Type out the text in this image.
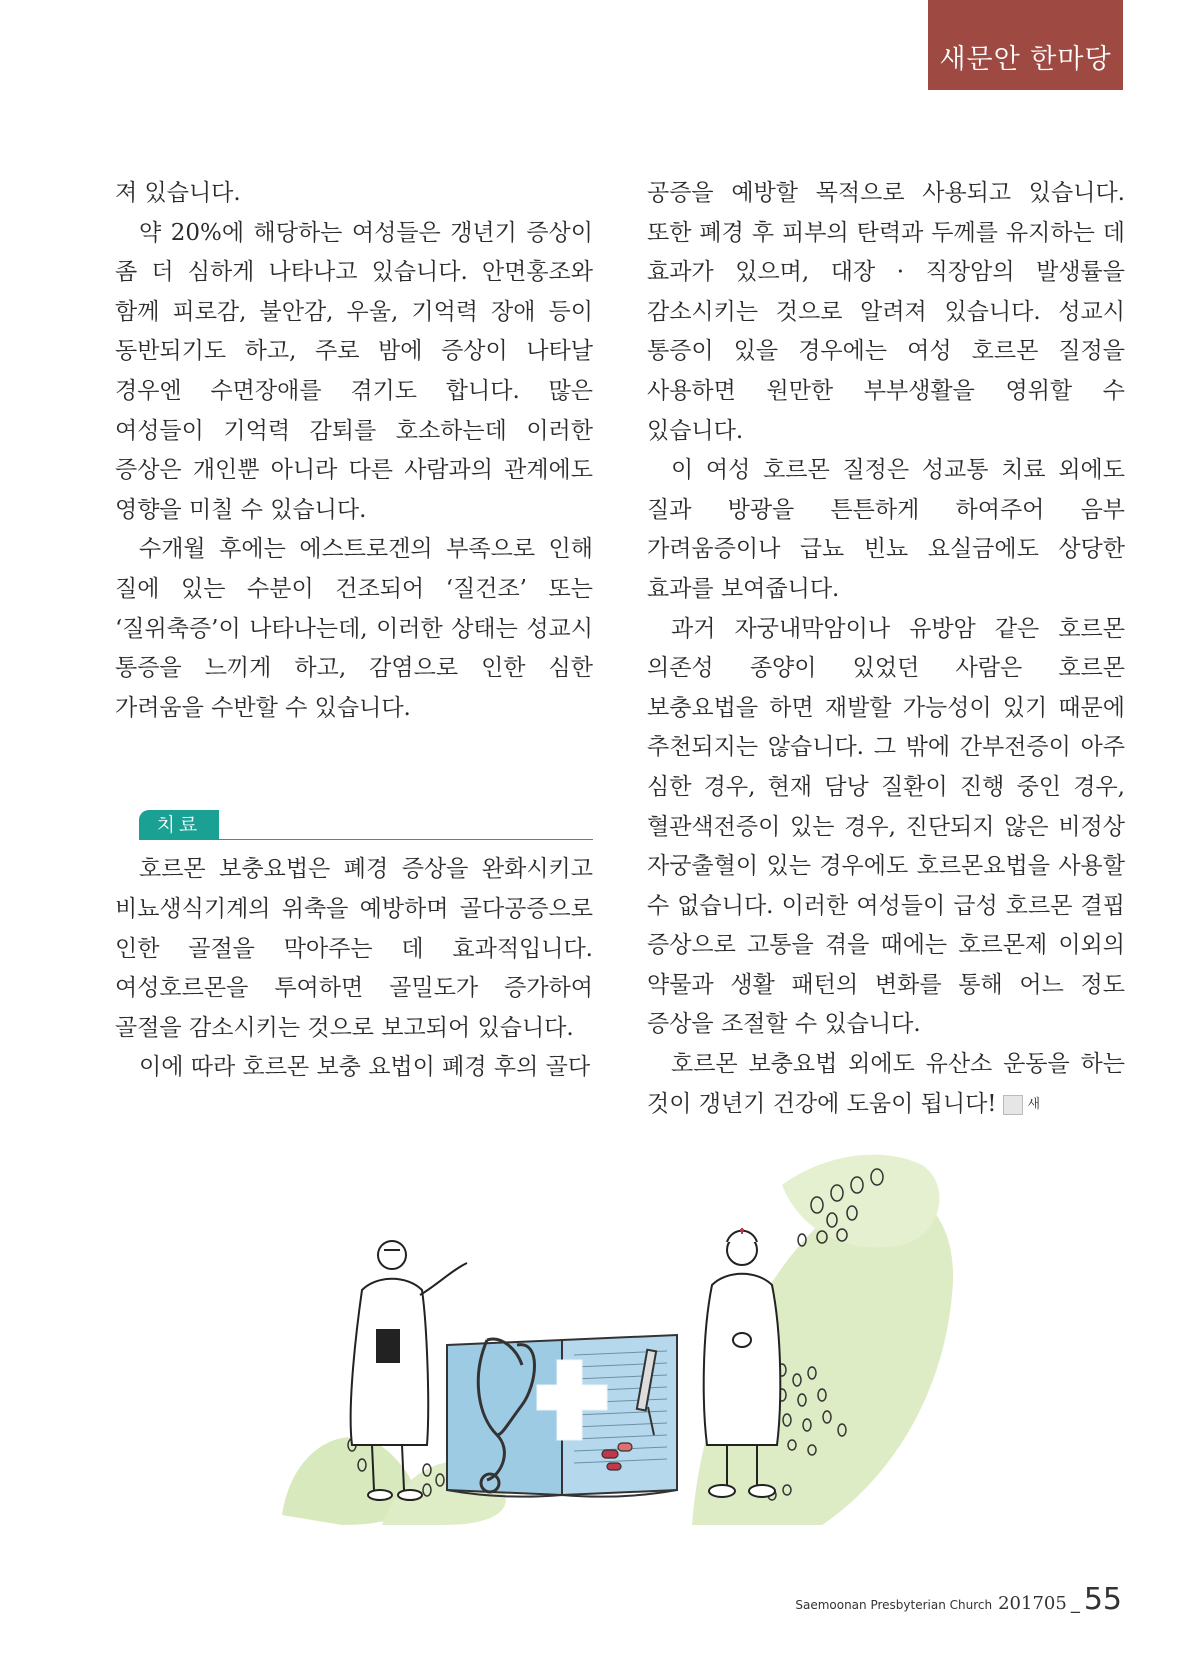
새문안 한마당

져 있습니다.

약 20%에 해당하는 여성들은 갱년기 증상이 좀 더 심하게 나타나고 있습니다. 안면홍조와 함께 피로감, 불안감, 우울, 기억력 장애 등이 동반되기도 하고, 주로 밤에 증상이 나타날 경우엔 수면장애를 겪기도 합니다. 많은 여성들이 기억력 감퇴를 호소하는데 이러한 증상은 개인뿐 아니라 다른 사람과의 관계에도 영향을 미칠 수 있습니다.

수개월 후에는 에스트로겐의 부족으로 인해 질에 있는 수분이 건조되어 ‘질건조’ 또는 ‘질위축증’이 나타나는데, 이러한 상태는 성교시 통증을 느끼게 하고, 감염으로 인한 심한 가려움을 수반할 수 있습니다.

치료

호르몬 보충요법은 폐경 증상을 완화시키고 비뇨생식기계의 위축을 예방하며 골다공증으로 인한 골절을 막아주는 데 효과적입니다. 여성호르몬을 투여하면 골밀도가 증가하여 골절을 감소시키는 것으로 보고되어 있습니다.

이에 따라 호르몬 보충 요법이 폐경 후의 골다

공증을 예방할 목적으로 사용되고 있습니다. 또한 폐경 후 피부의 탄력과 두께를 유지하는 데 효과가 있으며, 대장 · 직장암의 발생률을 감소시키는 것으로 알려져 있습니다. 성교시 통증이 있을 경우에는 여성 호르몬 질정을 사용하면 원만한 부부생활을 영위할 수 있습니다.

이 여성 호르몬 질정은 성교통 치료 외에도 질과 방광을 튼튼하게 하여주어 음부 가려움증이나 급뇨 빈뇨 요실금에도 상당한 효과를 보여줍니다.

과거 자궁내막암이나 유방암 같은 호르몬 의존성 종양이 있었던 사람은 호르몬 보충요법을 하면 재발할 가능성이 있기 때문에 추천되지는 않습니다. 그 밖에 간부전증이 아주 심한 경우, 현재 담낭 질환이 진행 중인 경우, 혈관색전증이 있는 경우, 진단되지 않은 비정상 자궁출혈이 있는 경우에도 호르몬요법을 사용할 수 없습니다. 이러한 여성들이 급성 호르몬 결핍 증상으로 고통을 겪을 때에는 호르몬제 이외의 약물과 생활 패턴의 변화를 통해 어느 정도 증상을 조절할 수 있습니다.

호르몬 보충요법 외에도 유산소 운동을 하는 것이 갱년기 건강에 도움이 됩니다! 새

Saemoonan Presbyterian Church 201705 _ 55
